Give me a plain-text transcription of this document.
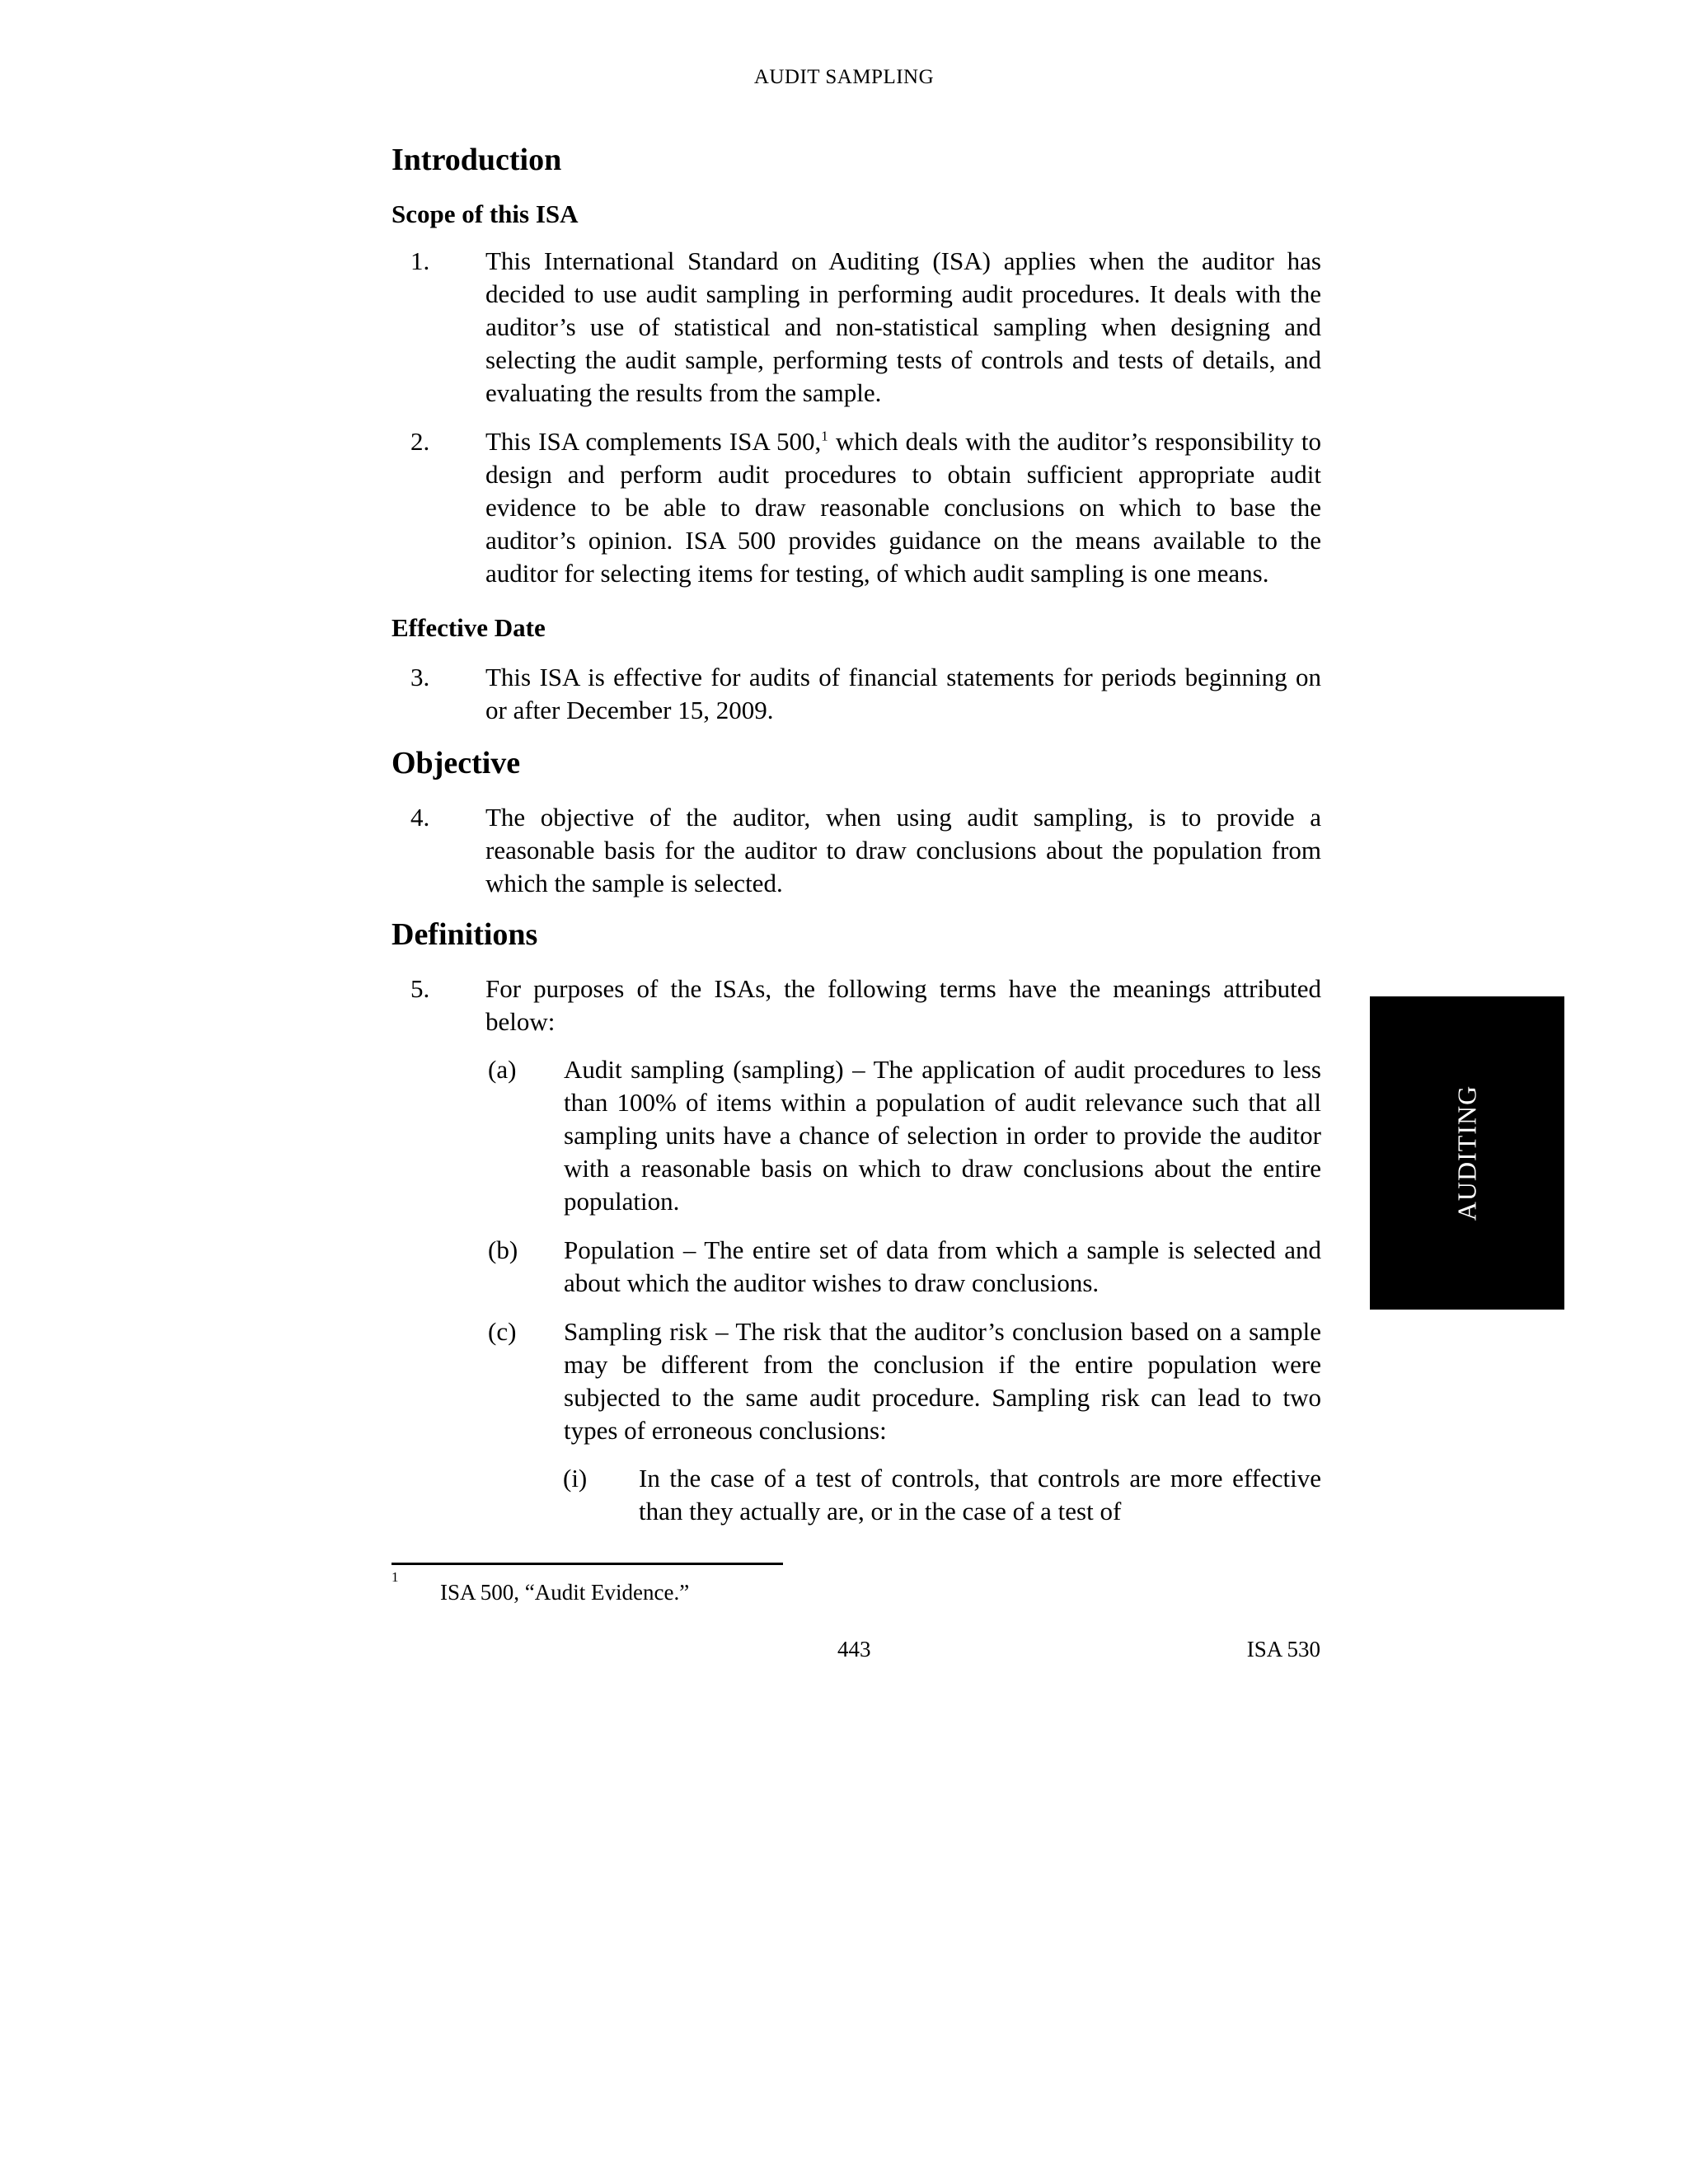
AUDIT SAMPLING
Introduction
Scope of this ISA
1.	This International Standard on Auditing (ISA) applies when the auditor has decided to use audit sampling in performing audit procedures. It deals with the auditor’s use of statistical and non-statistical sampling when designing and selecting the audit sample, performing tests of controls and tests of details, and evaluating the results from the sample.
2.	This ISA complements ISA 500,$^1$ which deals with the auditor’s responsibility to design and perform audit procedures to obtain sufficient appropriate audit evidence to be able to draw reasonable conclusions on which to base the auditor’s opinion. ISA 500 provides guidance on the means available to the auditor for selecting items for testing, of which audit sampling is one means.
Effective Date
3.	This ISA is effective for audits of financial statements for periods beginning on or after December 15, 2009.
Objective
4.	The objective of the auditor, when using audit sampling, is to provide a reasonable basis for the auditor to draw conclusions about the population from which the sample is selected.
Definitions
5.	For purposes of the ISAs, the following terms have the meanings attributed below:
(a)	Audit sampling (sampling) – The application of audit procedures to less than 100% of items within a population of audit relevance such that all sampling units have a chance of selection in order to provide the auditor with a reasonable basis on which to draw conclusions about the entire population.
(b)	Population – The entire set of data from which a sample is selected and about which the auditor wishes to draw conclusions.
(c)	Sampling risk – The risk that the auditor’s conclusion based on a sample may be different from the conclusion if the entire population were subjected to the same audit procedure. Sampling risk can lead to two types of erroneous conclusions:
(i)	In the case of a test of controls, that controls are more effective than they actually are, or in the case of a test of
1
ISA 500, “Audit Evidence.”
443	ISA 530
AUDITING
